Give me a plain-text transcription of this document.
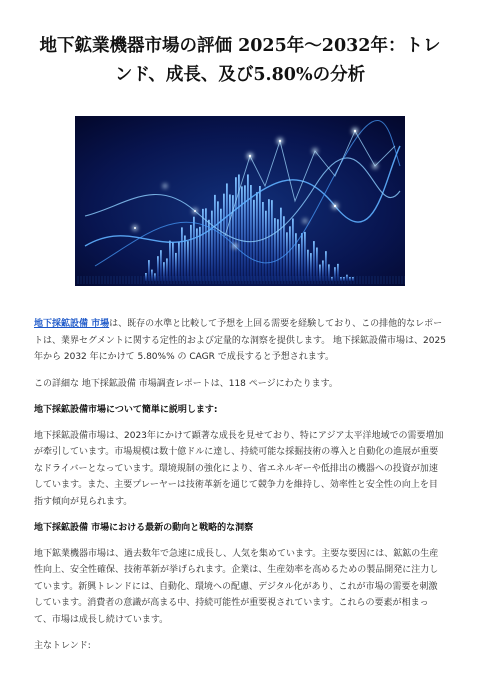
地下鉱業機器市場の評価 2025年〜2032年：トレ
ンド、成長、及び5.80%の分析

地下採鉱設備 市場は、既存の水準と比較して予想を上回る需要を経験しており、この排他的なレポートは、業界セグメントに関する定性的および定量的な洞察を提供します。 地下採鉱設備市場は、2025 年から 2032 年にかけて 5.80%% の CAGR で成長すると予想されます。

この詳細な 地下採鉱設備 市場調査レポートは、118 ページにわたります。

地下採鉱設備市場について簡単に説明します:

地下採鉱設備市場は、2023年にかけて顕著な成長を見せており、特にアジア太平洋地域での需要増加が牽引しています。市場規模は数十億ドルに達し、持続可能な採掘技術の導入と自動化の進展が重要なドライバーとなっています。環境規制の強化により、省エネルギーや低排出の機器への投資が加速しています。また、主要プレーヤーは技術革新を通じて競争力を維持し、効率性と安全性の向上を目指す傾向が見られます。

地下採鉱設備 市場における最新の動向と戦略的な洞察

地下鉱業機器市場は、過去数年で急速に成長し、人気を集めています。主要な要因には、鉱鉱の生産性向上、安全性確保、技術革新が挙げられます。企業は、生産効率を高めるための製品開発に注力しています。新興トレンドには、自動化、環境への配慮、デジタル化があり、これが市場の需要を刺激しています。消費者の意識が高まる中、持続可能性が重要視されています。これらの要素が相まって、市場は成長し続けています。

主なトレンド:
